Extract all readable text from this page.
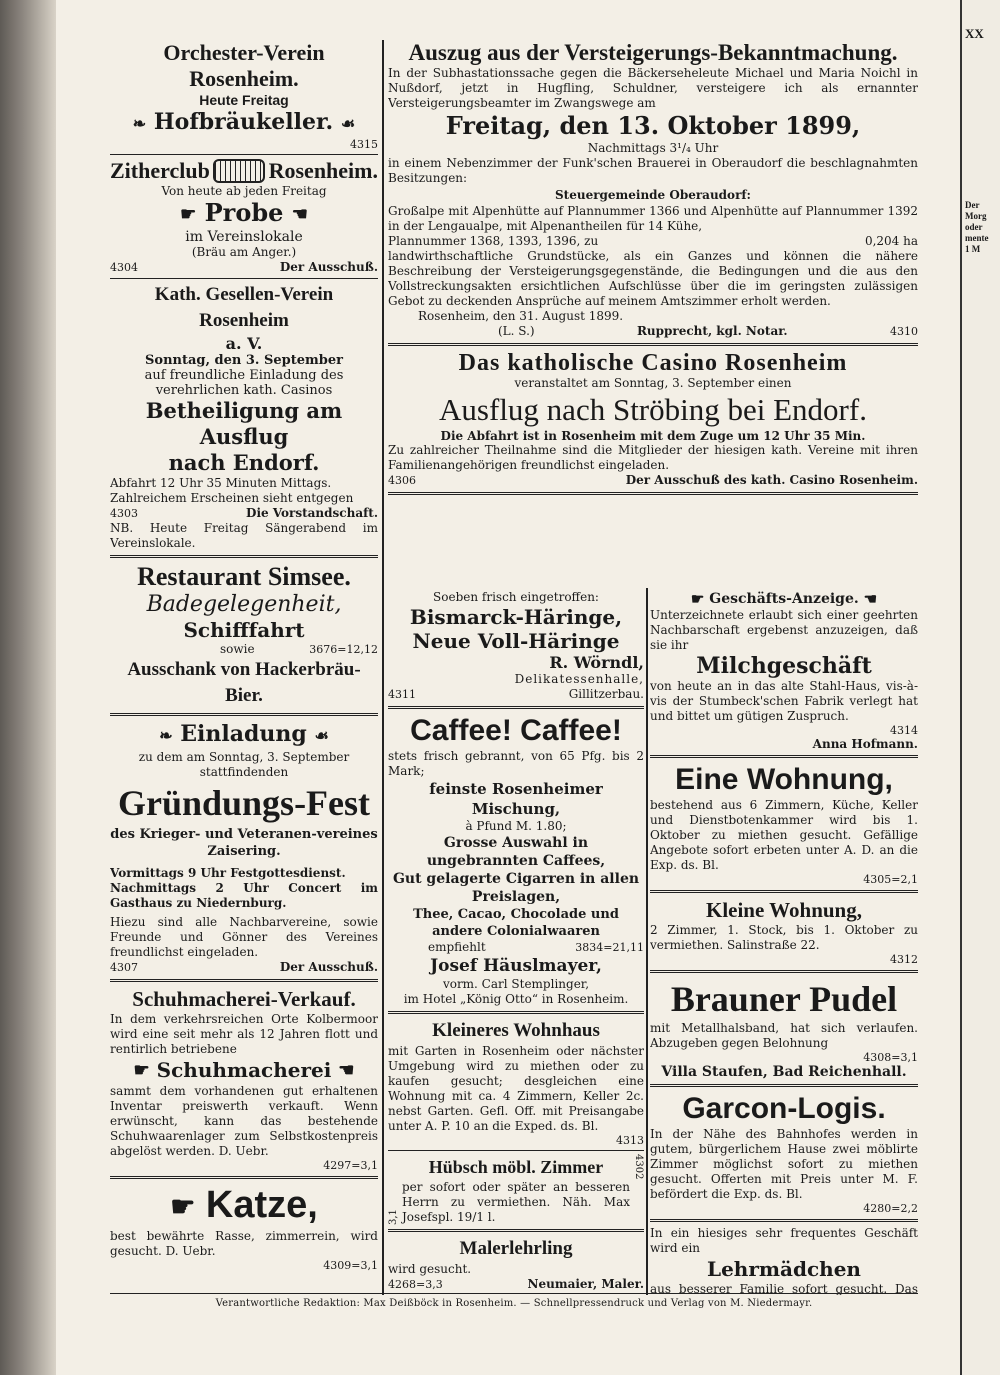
XX
Der
Morg
oder
mente
1 M
Orchester-Verein Rosenheim.
Heute Freitag
❧ Hofbräukeller. ☙
4315
Zitherclub	Rosenheim.
Von heute ab jeden Freitag
☛ Probe ☚
im Vereinslokale
(Bräu am Anger.)
4304	Der Ausschuß.
Kath. Gesellen-Verein Rosenheim
a. V.
Sonntag, den 3. September
auf freundliche Einladung des verehrlichen kath. Casinos
Betheiligung am Ausflug
nach Endorf.
Abfahrt 12 Uhr 35 Minuten Mittags.
Zahlreichem Erscheinen sieht entgegen
4303	Die Vorstandschaft.
NB. Heute Freitag Sängerabend im Vereinslokale.
Restaurant Simsee.
Badegelegenheit,
Schifffahrt
sowie	3676=12,12
Ausschank von Hackerbräu-Bier.
❧ Einladung ☙
zu dem am Sonntag, 3. September stattfindenden
Gründungs-Fest
des Krieger- und Veteranen-vereines Zaisering.
Vormittags 9 Uhr Festgottesdienst.
Nachmittags 2 Uhr Concert im Gasthaus zu Niedernburg.
Hiezu sind alle Nachbarvereine, sowie Freunde und Gönner des Vereines freundlichst eingeladen.
4307	Der Ausschuß.
Schuhmacherei-Verkauf.
In dem verkehrsreichen Orte Kolbermoor wird eine seit mehr als 12 Jahren flott und rentirlich betriebene
☛ Schuhmacherei ☚
sammt dem vorhandenen gut erhaltenen Inventar preiswerth verkauft. Wenn erwünscht, kann das bestehende Schuhwaarenlager zum Selbstkostenpreis abgelöst werden. D. Uebr.
4297=3,1
☛ Katze,
best bewährte Rasse, zimmerrein, wird gesucht. D. Uebr.
4309=3,1
Auszug aus der Versteigerungs-Bekanntmachung.
In der Subhastationssache gegen die Bäckerseheleute Michael und Maria Noichl in Nußdorf, jetzt in Hugfling, Schuldner, versteigere ich als ernannter Versteigerungsbeamter im Zwangswege am
Freitag, den 13. Oktober 1899,
Nachmittags 3¹/₄ Uhr
in einem Nebenzimmer der Funk'schen Brauerei in Oberaudorf die beschlagnahmten Besitzungen:
Steuergemeinde Oberaudorf:
Großalpe mit Alpenhütte auf Plannummer 1366 und Alpenhütte auf Plannummer 1392 in der Lengaualpe, mit Alpenantheilen für 14 Kühe,
Plannummer 1368, 1393, 1396, zu	0,204 ha
landwirthschaftliche Grundstücke, als ein Ganzes und können die nähere Beschreibung der Versteigerungsgegenstände, die Bedingungen und die aus den Vollstreckungsakten ersichtlichen Aufschlüsse über die im geringsten zulässigen Gebot zu deckenden Ansprüche auf meinem Amtszimmer erholt werden.
Rosenheim, den 31. August 1899.
(L. S.)	Rupprecht, kgl. Notar.	4310
Das katholische Casino Rosenheim
veranstaltet am Sonntag, 3. September einen
Ausflug nach Ströbing bei Endorf.
Die Abfahrt ist in Rosenheim mit dem Zuge um 12 Uhr 35 Min.
Zu zahlreicher Theilnahme sind die Mitglieder der hiesigen kath. Vereine mit ihren Familienangehörigen freundlichst eingeladen.
4306	Der Ausschuß des kath. Casino Rosenheim.
Soeben frisch eingetroffen:
Bismarck-Häringe,
Neue Voll-Häringe
R. Wörndl,
Delikatessenhalle,
4311	Gillitzerbau.
Caffee! Caffee!
stets frisch gebrannt, von 65 Pfg. bis 2 Mark;
feinste Rosenheimer Mischung,
à Pfund M. 1.80;
Grosse Auswahl in ungebrannten Caffees,
Gut gelagerte Cigarren in allen Preislagen,
Thee, Cacao, Chocolade und andere Colonialwaaren
empfiehlt	3834=21,11
Josef Häuslmayer,
vorm. Carl Stemplinger,
im Hotel „König Otto“ in Rosenheim.
Kleineres Wohnhaus
mit Garten in Rosenheim oder nächster Umgebung wird zu miethen oder zu kaufen gesucht; desgleichen eine Wohnung mit ca. 4 Zimmern, Keller 2c. nebst Garten. Gefl. Off. mit Preisangabe unter A. P. 10 an die Exped. ds. Bl.
4313
3,1
Hübsch möbl. Zimmer
per sofort oder später an besseren Herrn zu vermiethen. Näh. Max Josefspl. 19/1 l.
4302
Malerlehrling
wird gesucht.
4268=3,3	Neumaier, Maler.
☛ Geschäfts-Anzeige. ☚
Unterzeichnete erlaubt sich einer geehrten Nachbarschaft ergebenst anzuzeigen, daß sie ihr
Milchgeschäft
von heute an in das alte Stahl-Haus, vis-à-vis der Stumbeck'schen Fabrik verlegt hat und bittet um gütigen Zuspruch.
4314
Anna Hofmann.
Eine Wohnung,
bestehend aus 6 Zimmern, Küche, Keller und Dienstbotenkammer wird bis 1. Oktober zu miethen gesucht. Gefällige Angebote sofort erbeten unter A. D. an die Exp. ds. Bl.
4305=2,1
Kleine Wohnung,
2 Zimmer, 1. Stock, bis 1. Oktober zu vermiethen. Salinstraße 22.
4312
Brauner Pudel
mit Metallhalsband, hat sich verlaufen. Abzugeben gegen Belohnung
4308=3,1
Villa Staufen, Bad Reichenhall.
Garcon-Logis.
In der Nähe des Bahnhofes werden in gutem, bürgerlichem Hause zwei möblirte Zimmer möglichst sofort zu miethen gesucht. Offerten mit Preis unter M. F. befördert die Exp. ds. Bl.
4280=2,2
In ein hiesiges sehr frequentes Geschäft wird ein
Lehrmädchen
aus besserer Familie sofort gesucht. Das
Verantwortliche Redaktion: Max Deißböck in Rosenheim. — Schnellpressendruck und Verlag von M. Niedermayr.
